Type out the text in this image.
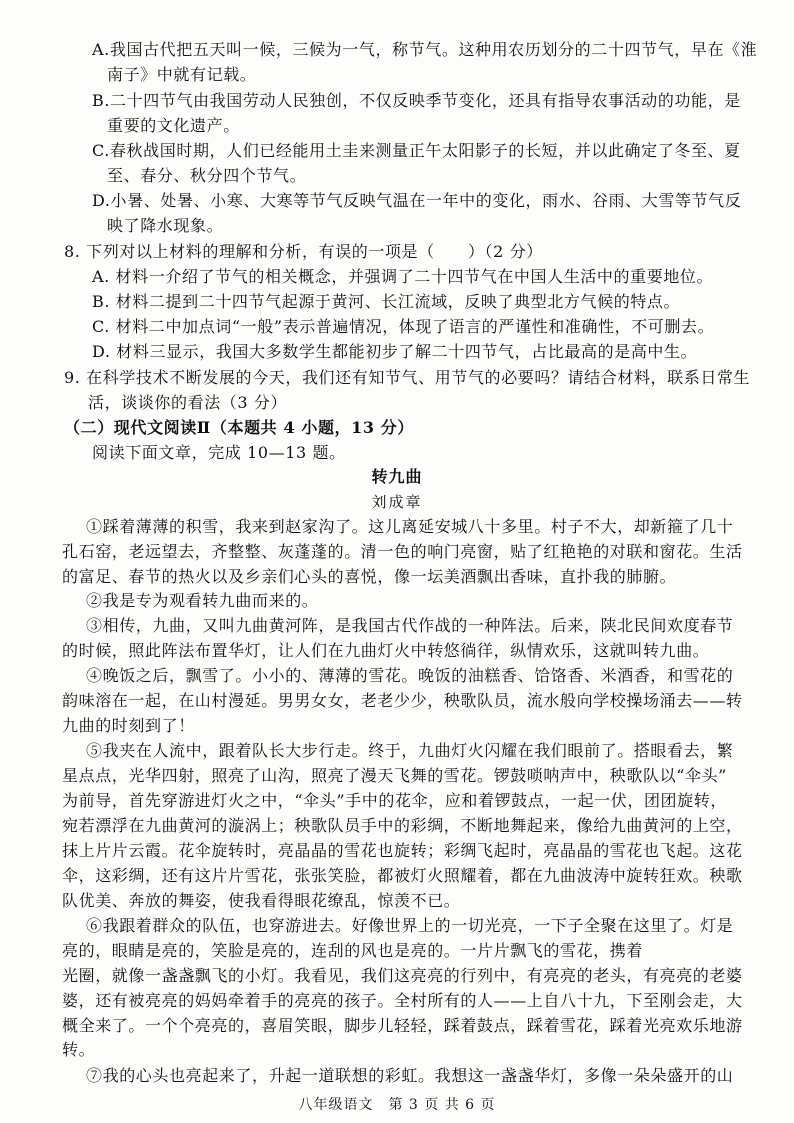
A.我国古代把五天叫一候，三候为一气，称节气。这种用农历划分的二十四节气，早在《淮
南子》中就有记载。
B.二十四节气由我国劳动人民独创，不仅反映季节变化，还具有指导农事活动的功能，是
重要的文化遗产。
C.春秋战国时期，人们已经能用土圭来测量正午太阳影子的长短，并以此确定了冬至、夏
至、春分、秋分四个节气。
D.小暑、处暑、小寒、大寒等节气反映气温在一年中的变化，雨水、谷雨、大雪等节气反
映了降水现象。
8. 下列对以上材料的理解和分析，有误的一项是（　　）（2 分）
A. 材料一介绍了节气的相关概念，并强调了二十四节气在中国人生活中的重要地位。
B. 材料二提到二十四节气起源于黄河、长江流域，反映了典型北方气候的特点。
C. 材料二中加点词“一般”表示普遍情况，体现了语言的严谨性和准确性，不可删去。
D. 材料三显示，我国大多数学生都能初步了解二十四节气，占比最高的是高中生。
9. 在科学技术不断发展的今天，我们还有知节气、用节气的必要吗？请结合材料，联系日常生
活，谈谈你的看法（3 分）
（二）现代文阅读Ⅱ（本题共 4 小题，13 分）
阅读下面文章，完成 10—13 题。
转九曲
刘成章
①踩着薄薄的积雪，我来到赵家沟了。这儿离延安城八十多里。村子不大，却新箍了几十
孔石窑，老远望去，齐整整、灰蓬蓬的。清一色的响门亮窗，贴了红艳艳的对联和窗花。生活
的富足、春节的热火以及乡亲们心头的喜悦，像一坛美酒飘出香味，直扑我的肺腑。
②我是专为观看转九曲而来的。
③相传，九曲，又叫九曲黄河阵，是我国古代作战的一种阵法。后来，陕北民间欢度春节
的时候，照此阵法布置华灯，让人们在九曲灯火中转悠徜徉，纵情欢乐，这就叫转九曲。
④晚饭之后，飘雪了。小小的、薄薄的雪花。晚饭的油糕香、饸饹香、米酒香，和雪花的
韵味溶在一起，在山村漫延。男男女女，老老少少，秧歌队员，流水般向学校操场涌去——转
九曲的时刻到了！
⑤我夹在人流中，跟着队长大步行走。终于，九曲灯火闪耀在我们眼前了。搭眼看去，繁
星点点，光华四射，照亮了山沟，照亮了漫天飞舞的雪花。锣鼓唢呐声中，秧歌队以“伞头”
为前导，首先穿游进灯火之中，“伞头”手中的花伞，应和着锣鼓点，一起一伏，团团旋转，
宛若漂浮在九曲黄河的漩涡上；秧歌队员手中的彩绸，不断地舞起来，像给九曲黄河的上空，
抹上片片云霞。花伞旋转时，亮晶晶的雪花也旋转；彩绸飞起时，亮晶晶的雪花也飞起。这花
伞，这彩绸，还有这片片雪花，张张笑脸，都被灯火照耀着，都在九曲波涛中旋转狂欢。秧歌
队优美、奔放的舞姿，使我看得眼花缭乱，惊羡不已。
⑥我跟着群众的队伍，也穿游进去。好像世界上的一切光亮，一下子全聚在这里了。灯是
亮的，眼睛是亮的，笑脸是亮的，连刮的风也是亮的。一片片飘飞的雪花，携着
光圈，就像一盏盏飘飞的小灯。我看见，我们这亮亮的行列中，有亮亮的老头，有亮亮的老婆
婆，还有被亮亮的妈妈牵着手的亮亮的孩子。全村所有的人——上自八十九，下至刚会走，大
概全来了。一个个亮亮的，喜眉笑眼，脚步儿轻轻，踩着鼓点，踩着雪花，踩着光亮欢乐地游
转。
⑦我的心头也亮起来了，升起一道联想的彩虹。我想这一盏盏华灯，多像一朵朵盛开的山
八年级语文　第 3 页 共 6 页
